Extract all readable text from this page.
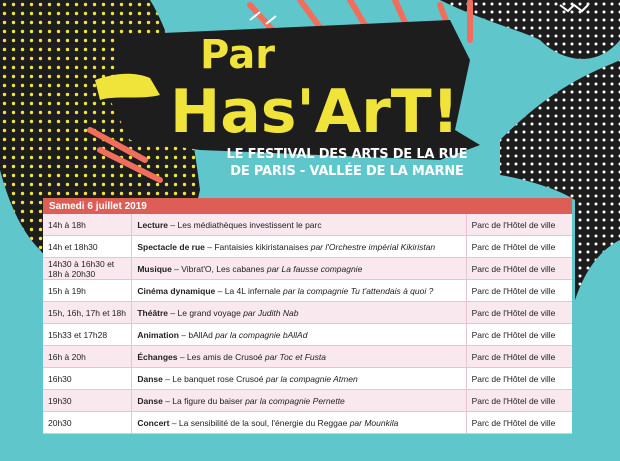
Par
Has'ArT!
LE FESTIVAL DES ARTS DE LA RUE
DE PARIS - VALLÉE DE LA MARNE
Samedi 6 juillet 2019		
14h à 18h	Lecture – Les médiathèques investissent le parc	Parc de l'Hôtel de ville
14h et 18h30	Spectacle de rue – Fantaisies kikiristanaises par l'Orchestre impérial Kikiristan	Parc de l'Hôtel de ville
14h30 à 16h30 et 18h à 20h30	Musique – Vibrat'O, Les cabanes par La fausse compagnie	Parc de l'Hôtel de ville
15h à 19h	Cinéma dynamique – La 4L infernale par la compagnie Tu t'attendais à quoi ?	Parc de l'Hôtel de ville
15h, 16h, 17h et 18h	Théâtre – Le grand voyage par Judith Nab	Parc de l'Hôtel de ville
15h33 et 17h28	Animation – bAllAd par la compagnie bAllAd	Parc de l'Hôtel de ville
16h à 20h	Échanges – Les amis de Crusoé par Toc et Fusta	Parc de l'Hôtel de ville
16h30	Danse – Le banquet rose Crusoé par la compagnie Atmen	Parc de l'Hôtel de ville
19h30	Danse – La figure du baiser par la compagnie Pernette	Parc de l'Hôtel de ville
20h30	Concert – La sensibilité de la soul, l'énergie du Reggae par Mounkila	Parc de l'Hôtel de ville
